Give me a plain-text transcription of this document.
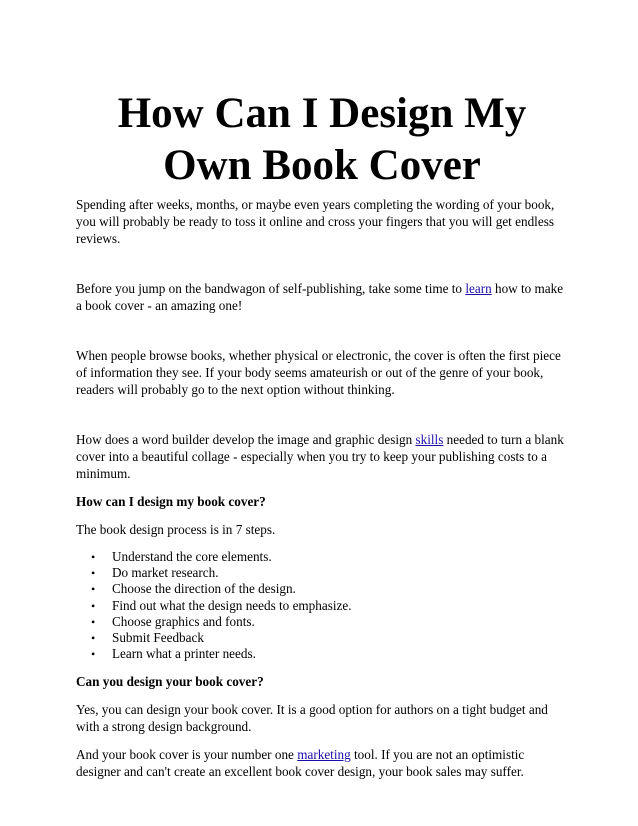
How Can I Design My Own Book Cover

Spending after weeks, months, or maybe even years completing the wording of your book, you will probably be ready to toss it online and cross your fingers that you will get endless reviews.

Before you jump on the bandwagon of self-publishing, take some time to learn how to make a book cover - an amazing one!

When people browse books, whether physical or electronic, the cover is often the first piece of information they see. If your body seems amateurish or out of the genre of your book, readers will probably go to the next option without thinking.

How does a word builder develop the image and graphic design skills needed to turn a blank cover into a beautiful collage - especially when you try to keep your publishing costs to a minimum.

How can I design my book cover?

The book design process is in 7 steps.

• Understand the core elements.
• Do market research.
• Choose the direction of the design.
• Find out what the design needs to emphasize.
• Choose graphics and fonts.
• Submit Feedback
• Learn what a printer needs.

Can you design your book cover?

Yes, you can design your book cover. It is a good option for authors on a tight budget and with a strong design background.

And your book cover is your number one marketing tool. If you are not an optimistic designer and can't create an excellent book cover design, your book sales may suffer.
